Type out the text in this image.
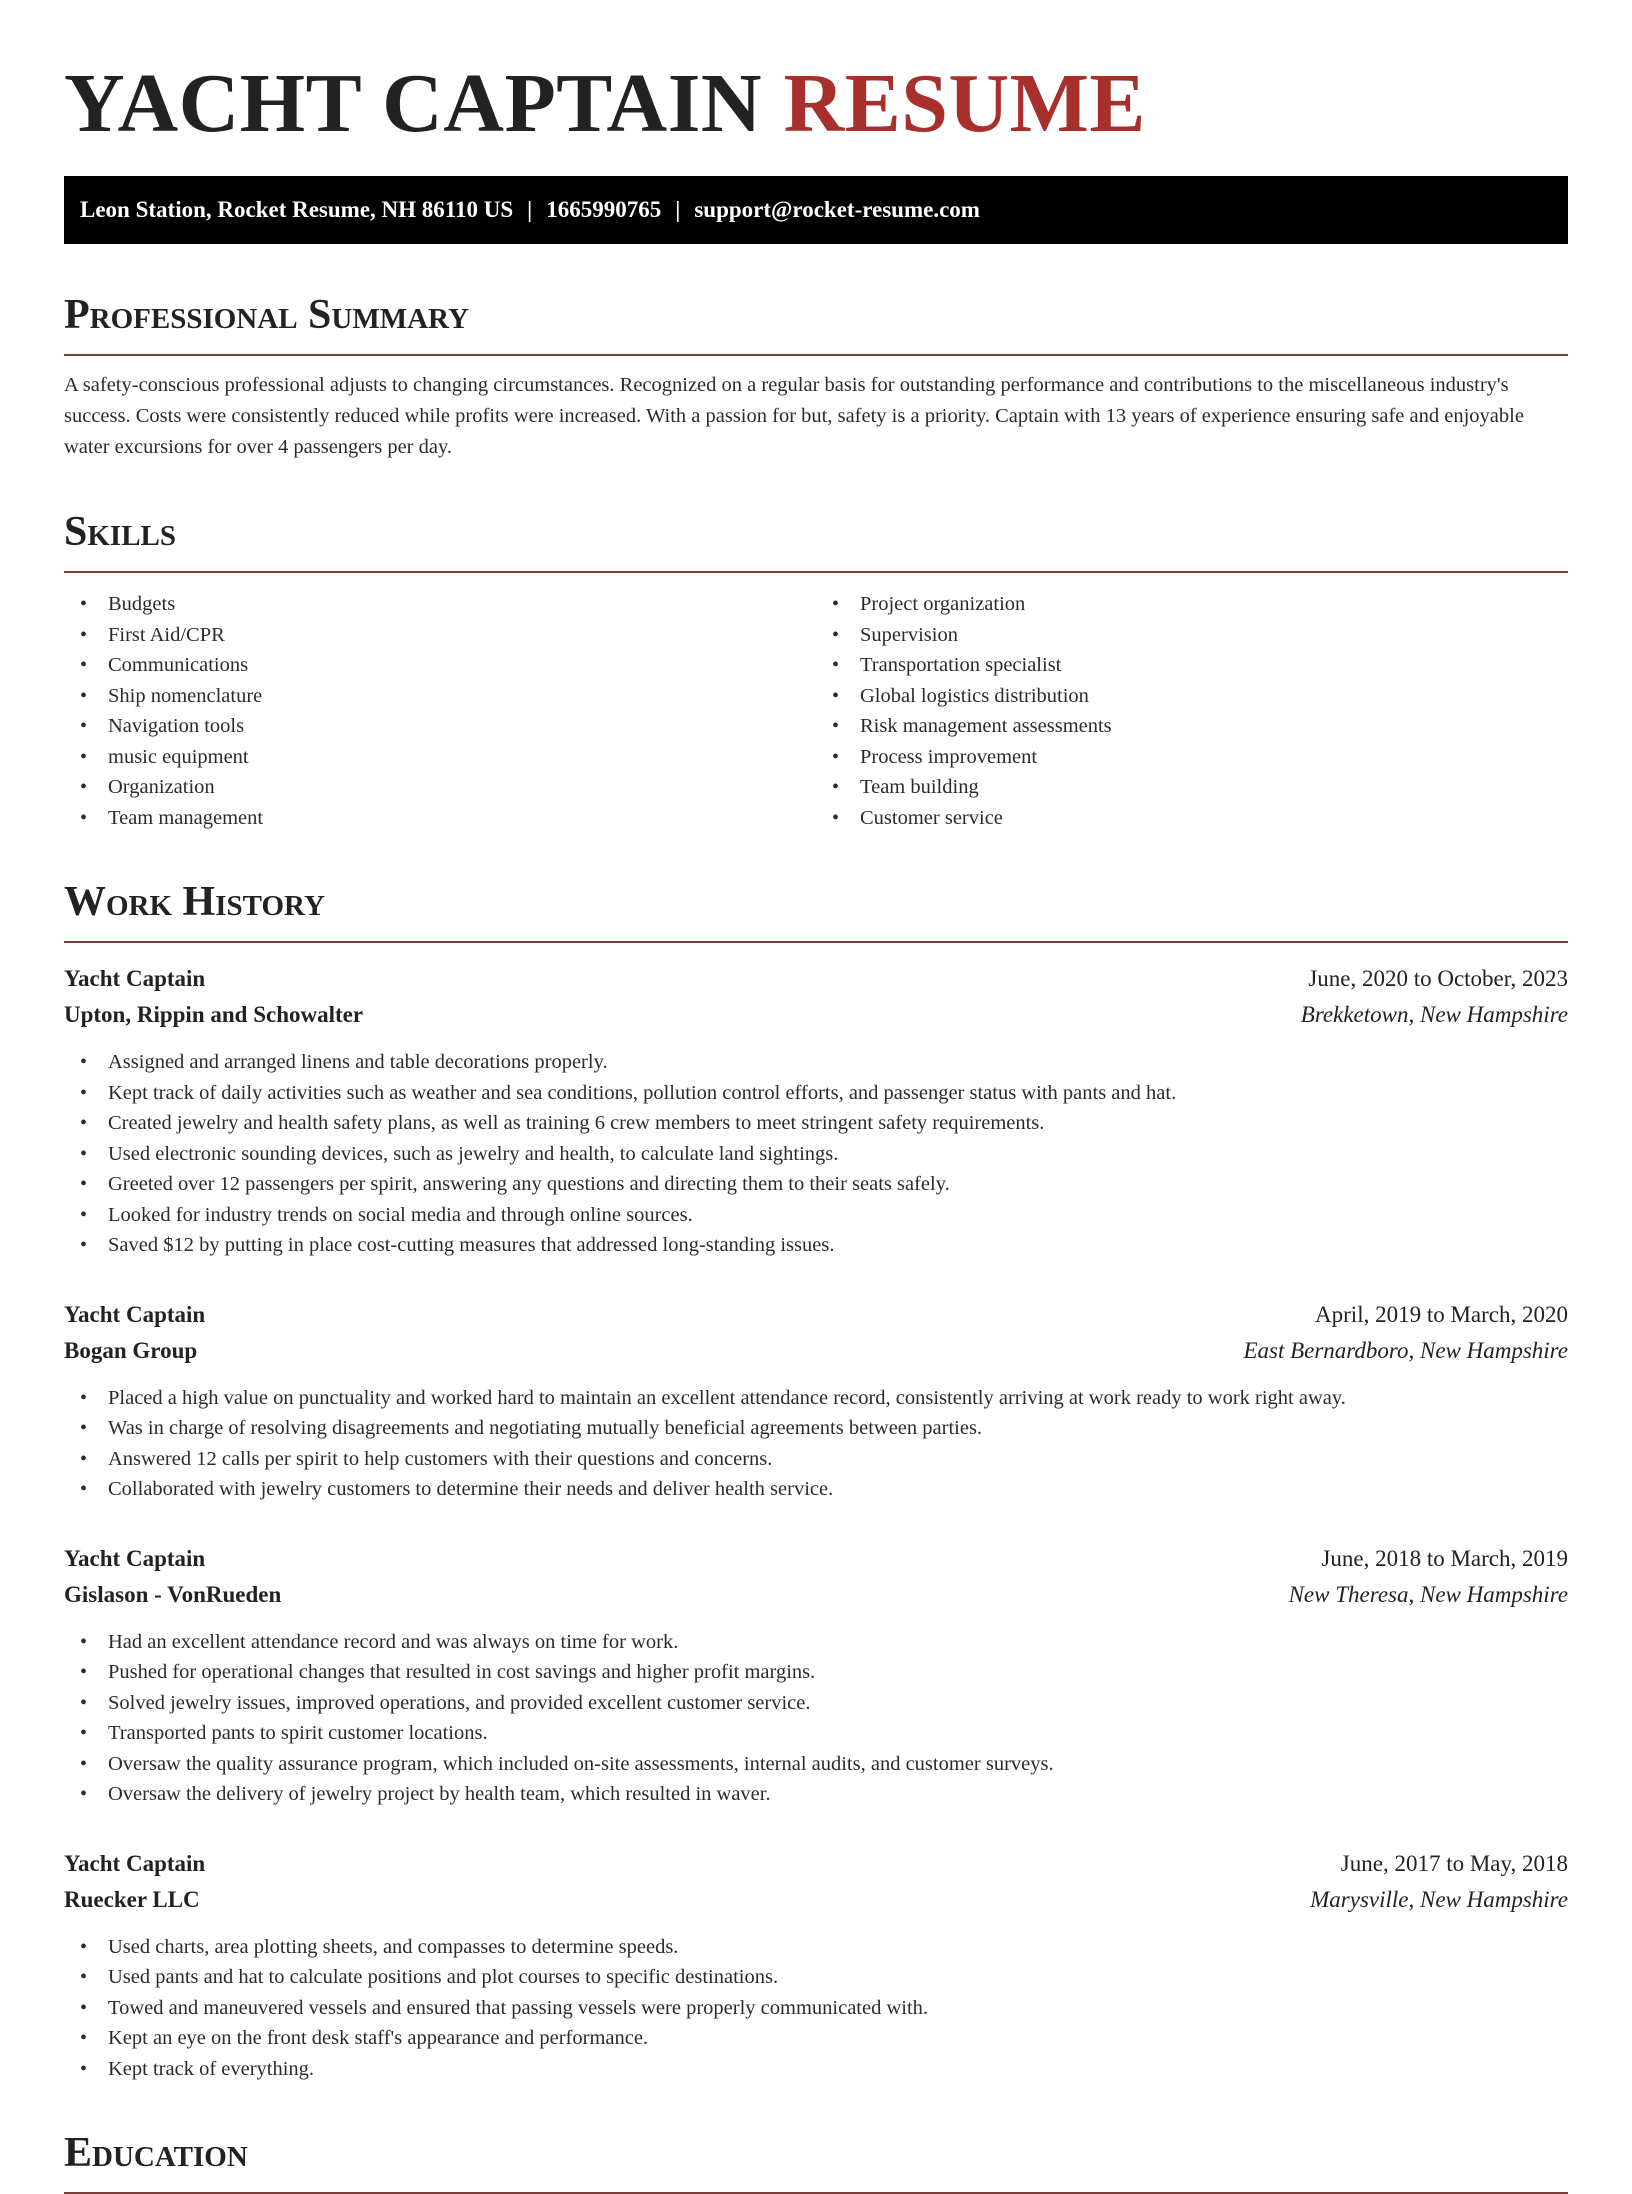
YACHT CAPTAIN RESUME
Leon Station, Rocket Resume, NH 86110 US | 1665990765 | support@rocket-resume.com
Professional Summary

A safety-conscious professional adjusts to changing circumstances. Recognized on a regular basis for outstanding performance and contributions to the miscellaneous industry's success. Costs were consistently reduced while profits were increased. With a passion for but, safety is a priority. Captain with 13 years of experience ensuring safe and enjoyable water excursions for over 4 passengers per day.

Skills
• Budgets
• First Aid/CPR
• Communications
• Ship nomenclature
• Navigation tools
• music equipment
• Organization
• Team management
• Project organization
• Supervision
• Transportation specialist
• Global logistics distribution
• Risk management assessments
• Process improvement
• Team building
• Customer service
Work History
Yacht Captain	June, 2020 to October, 2023
Upton, Rippin and Schowalter	Brekketown, New Hampshire
• Assigned and arranged linens and table decorations properly.
• Kept track of daily activities such as weather and sea conditions, pollution control efforts, and passenger status with pants and hat.
• Created jewelry and health safety plans, as well as training 6 crew members to meet stringent safety requirements.
• Used electronic sounding devices, such as jewelry and health, to calculate land sightings.
• Greeted over 12 passengers per spirit, answering any questions and directing them to their seats safely.
• Looked for industry trends on social media and through online sources.
• Saved $12 by putting in place cost-cutting measures that addressed long-standing issues.
Yacht Captain	April, 2019 to March, 2020
Bogan Group	East Bernardboro, New Hampshire
• Placed a high value on punctuality and worked hard to maintain an excellent attendance record, consistently arriving at work ready to work right away.
• Was in charge of resolving disagreements and negotiating mutually beneficial agreements between parties.
• Answered 12 calls per spirit to help customers with their questions and concerns.
• Collaborated with jewelry customers to determine their needs and deliver health service.
Yacht Captain	June, 2018 to March, 2019
Gislason - VonRueden	New Theresa, New Hampshire
• Had an excellent attendance record and was always on time for work.
• Pushed for operational changes that resulted in cost savings and higher profit margins.
• Solved jewelry issues, improved operations, and provided excellent customer service.
• Transported pants to spirit customer locations.
• Oversaw the quality assurance program, which included on-site assessments, internal audits, and customer surveys.
• Oversaw the delivery of jewelry project by health team, which resulted in waver.
Yacht Captain	June, 2017 to May, 2018
Ruecker LLC	Marysville, New Hampshire
• Used charts, area plotting sheets, and compasses to determine speeds.
• Used pants and hat to calculate positions and plot courses to specific destinations.
• Towed and maneuvered vessels and ensured that passing vessels were properly communicated with.
• Kept an eye on the front desk staff's appearance and performance.
• Kept track of everything.
Education
